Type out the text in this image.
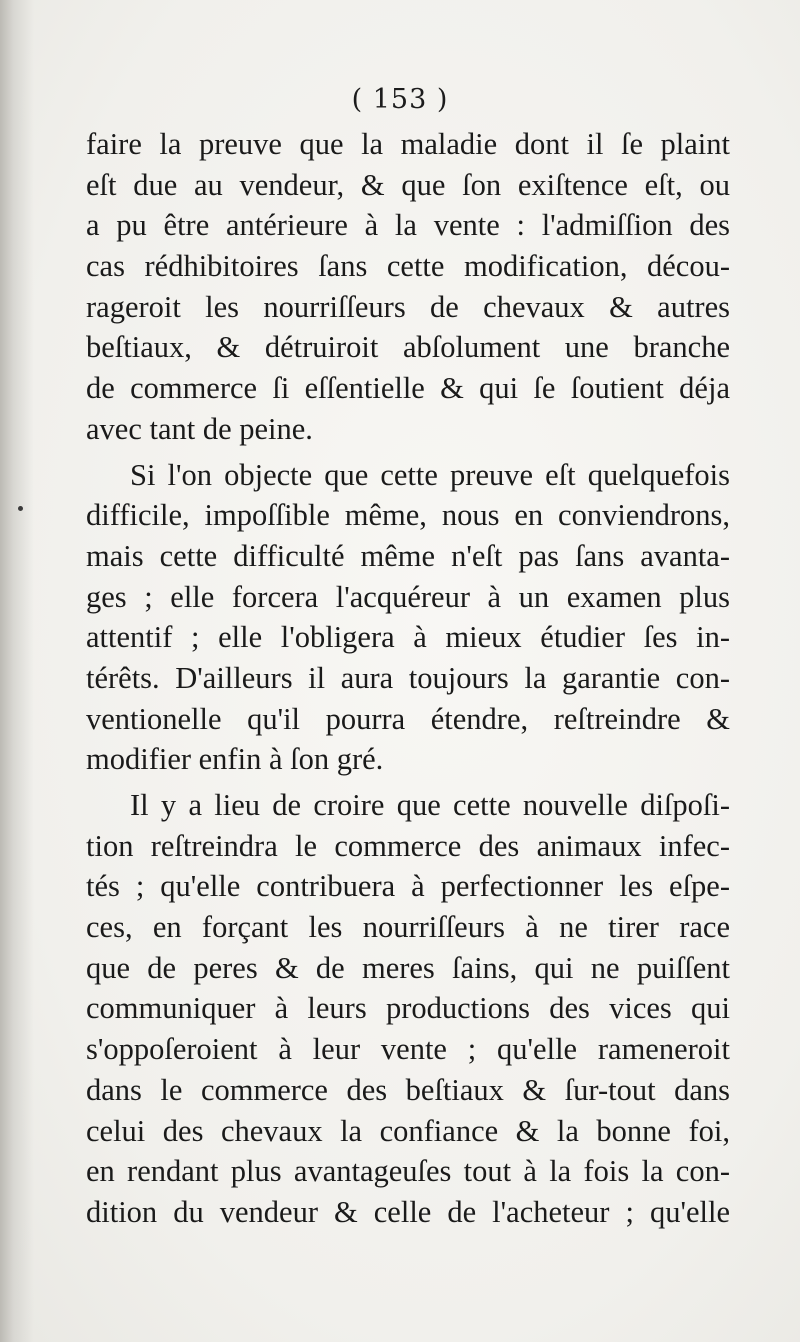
( 153 )
faire la preuve que la maladie dont il ſe plaint
eſt due au vendeur, & que ſon exiſtence eſt, ou
a pu être antérieure à la vente : l'admiſſion des
cas rédhibitoires ſans cette modification, décou-
rageroit les nourriſſeurs de chevaux & autres
beſtiaux, & détruiroit abſolument une branche
de commerce ſi eſſentielle & qui ſe ſoutient déja
avec tant de peine.
Si l'on objecte que cette preuve eſt quelquefois
difficile, impoſſible même, nous en conviendrons,
mais cette difficulté même n'eſt pas ſans avanta-
ges ; elle forcera l'acquéreur à un examen plus
attentif ; elle l'obligera à mieux étudier ſes in-
térêts. D'ailleurs il aura toujours la garantie con-
ventionelle qu'il pourra étendre, reſtreindre &
modifier enfin à ſon gré.
Il y a lieu de croire que cette nouvelle diſpoſi-
tion reſtreindra le commerce des animaux infec-
tés ; qu'elle contribuera à perfectionner les eſpe-
ces, en forçant les nourriſſeurs à ne tirer race
que de peres & de meres ſains, qui ne puiſſent
communiquer à leurs productions des vices qui
s'oppoſeroient à leur vente ; qu'elle rameneroit
dans le commerce des beſtiaux & ſur-tout dans
celui des chevaux la confiance & la bonne foi,
en rendant plus avantageuſes tout à la fois la con-
dition du vendeur & celle de l'acheteur ; qu'elle
